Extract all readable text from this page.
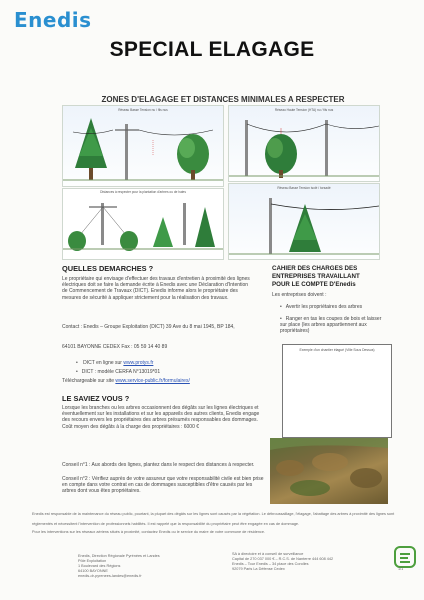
Enedis
SPECIAL ELAGAGE
ZONES D'ELAGAGE ET DISTANCES MINIMALES A RESPECTER
Réseau Basse Tension nu / fils nus	Réseau Haute Tension (HTA) nu / fils nus
Distances à respecter pour la plantation d'arbres ou de haies
Réseau Basse Tension isolé / torsadé
QUELLES DEMARCHES ?
Le propriétaire qui envisage d'effectuer des travaux d'entretien à proximité des lignes électriques doit se faire la demande écrite à Enedis avec une Déclaration d'Intention de Commencement de Travaux (DICT). Enedis informe alors le propriétaire des mesures de sécurité à appliquer strictement pour la réalisation des travaux.
Contact : Enedis – Groupe Exploitation (DICT) 39 Ave du 8 mai 1945, BP 184,
64101 BAYONNE CEDEX Fax : 05 59 14 40 89
• DICT en ligne sur www.protys.fr
• DICT : modèle CERFA N°13019*01
Téléchargeable sur site www.service-public.fr/formulaires/
CAHIER DES CHARGES DES
ENTREPRISES TRAVAILLANT
POUR LE COMPTE D'Enedis
Les entreprises doivent :
• Avertir les propriétaires des arbres
• Ranger en tas les coupes de bois et laisser sur place (les arbres appartiennent aux propriétaires)
Exemple d'un chantier élagué (Ville Sous Dessus)
LE SAVIEZ VOUS ?
Lorsque les branches ou les arbres occasionnent des dégâts sur les lignes électriques et éventuellement sur les installations et sur les appareils des autres clients, Enedis engage des recours envers les propriétaires des arbres présumés responsables des dommages. Coût moyen des dégâts à la charge des propriétaires : 6000 €
Conseil n°1 : Aux abords des lignes, plantez dans le respect des distances à respecter.
Conseil n°2 : Vérifiez auprès de votre assureur que votre responsabilité civile est bien prise en compte dans votre contrat en cas de dommages susceptibles d'être causés par les arbres dont vous êtes propriétaires.
Enedis est responsable de la maintenance du réseau public, pourtant, la plupart des dégâts sur les lignes sont causés par la végétation. Le débroussaillage, l'élagage, l'abattage des arbres à proximité des lignes sont
réglementés et nécessitent l'intervention de professionnels habilités. Il est rappelé que la responsabilité du propriétaire peut être engagée en cas de dommage.
Pour les interventions sur les réseaux aériens situés à proximité, contactez Enedis ou le service du maire de votre commune de résidence.
Enedis, Direction Régionale Pyrénées et Landes
Pôle Exploitation
1 Boulevard des Régions
64100 BAYONNE
enedis-dr-pyrenees-landes@enedis.fr
SA à directoire et à conseil de surveillance
Capital de 270 037 000 € – R.C.S. de Nanterre 444 608 442
Enedis – Tour Enedis – 34 place des Corolles
92079 Paris La Défense Cedex	1/1
